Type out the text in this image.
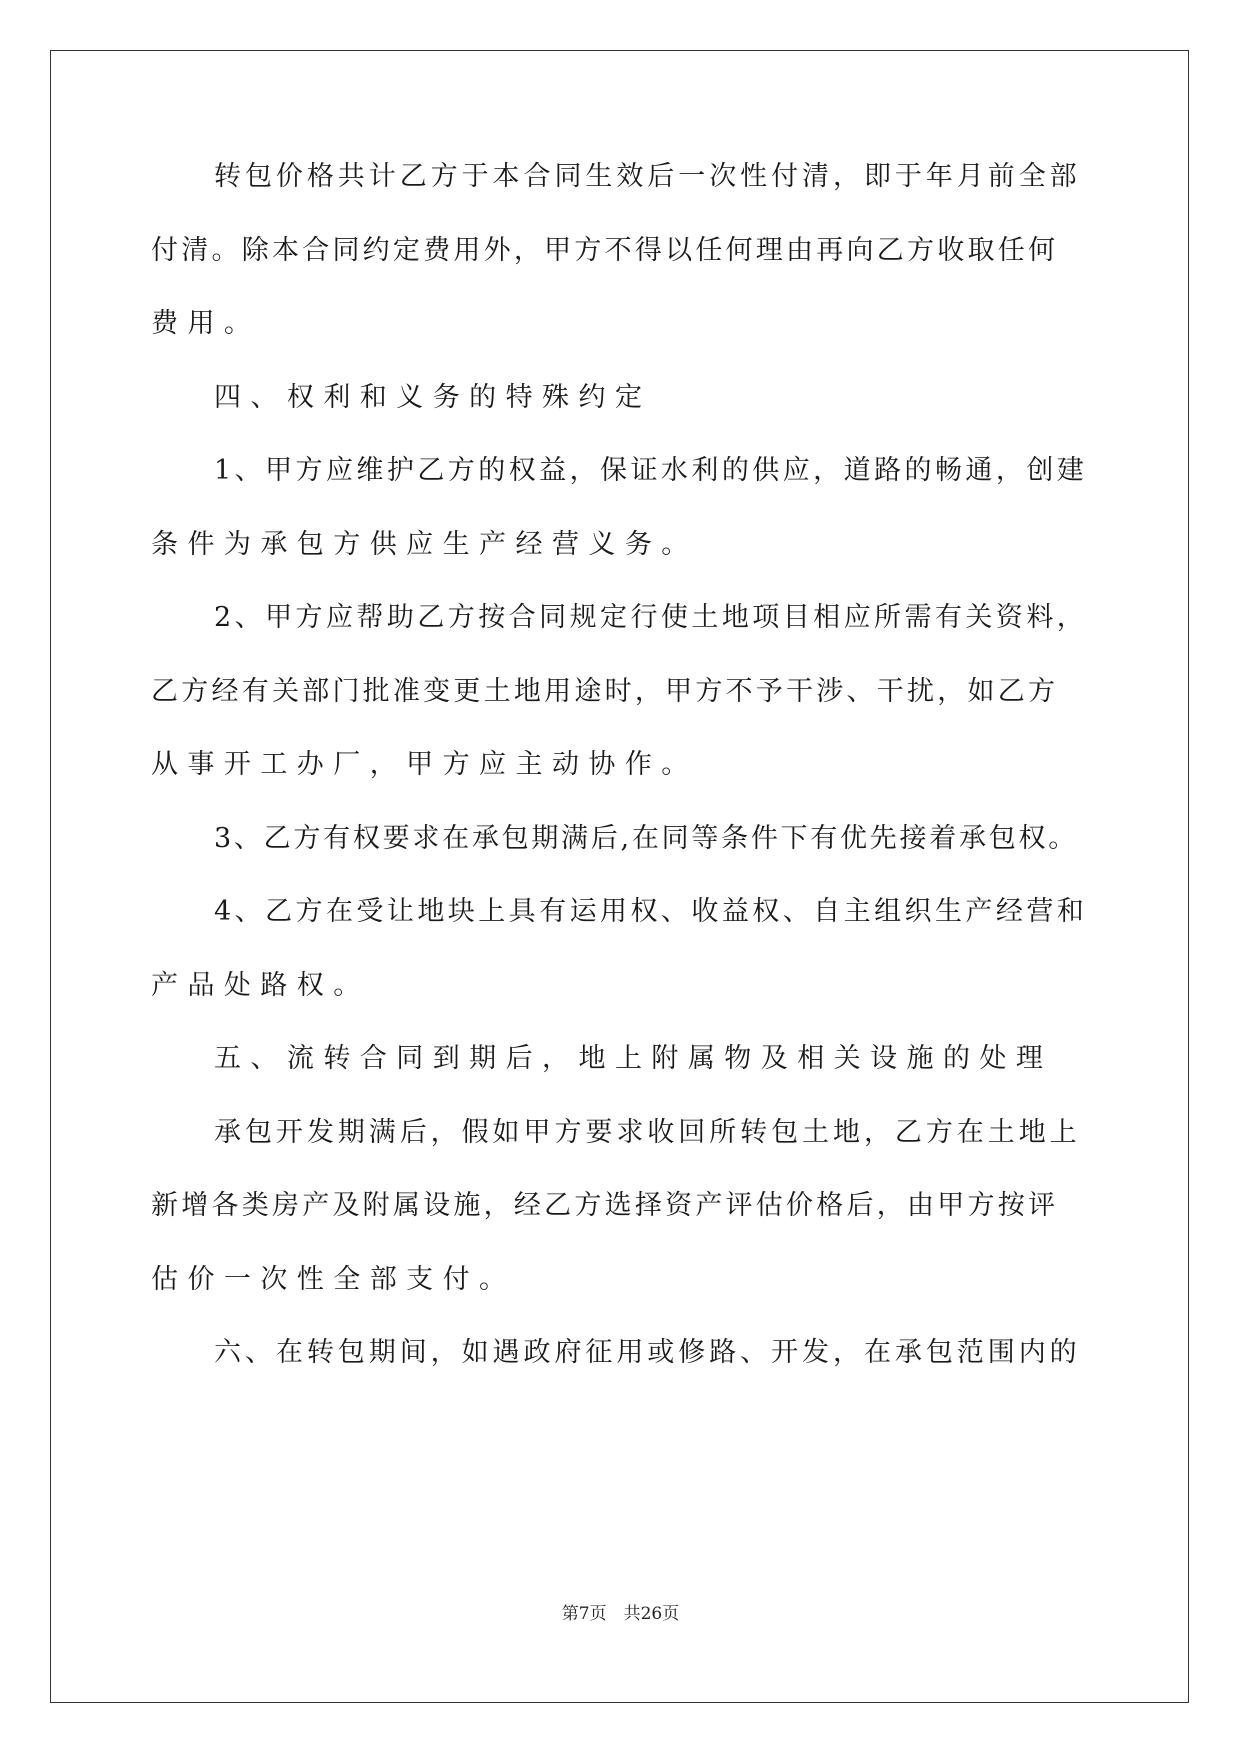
转包价格共计乙方于本合同生效后一次性付清，即于年月前全部
付清。除本合同约定费用外，甲方不得以任何理由再向乙方收取任何
费用。
四、权利和义务的特殊约定
1、甲方应维护乙方的权益，保证水利的供应，道路的畅通，创建
条件为承包方供应生产经营义务。
2、甲方应帮助乙方按合同规定行使土地项目相应所需有关资料，
乙方经有关部门批准变更土地用途时，甲方不予干涉、干扰，如乙方
从事开工办厂，甲方应主动协作。
3、乙方有权要求在承包期满后,在同等条件下有优先接着承包权。
4、乙方在受让地块上具有运用权、收益权、自主组织生产经营和
产品处路权。
五、流转合同到期后，地上附属物及相关设施的处理
承包开发期满后，假如甲方要求收回所转包土地，乙方在土地上
新增各类房产及附属设施，经乙方选择资产评估价格后，由甲方按评
估价一次性全部支付。
六、在转包期间，如遇政府征用或修路、开发，在承包范围内的
第7页　共26页
